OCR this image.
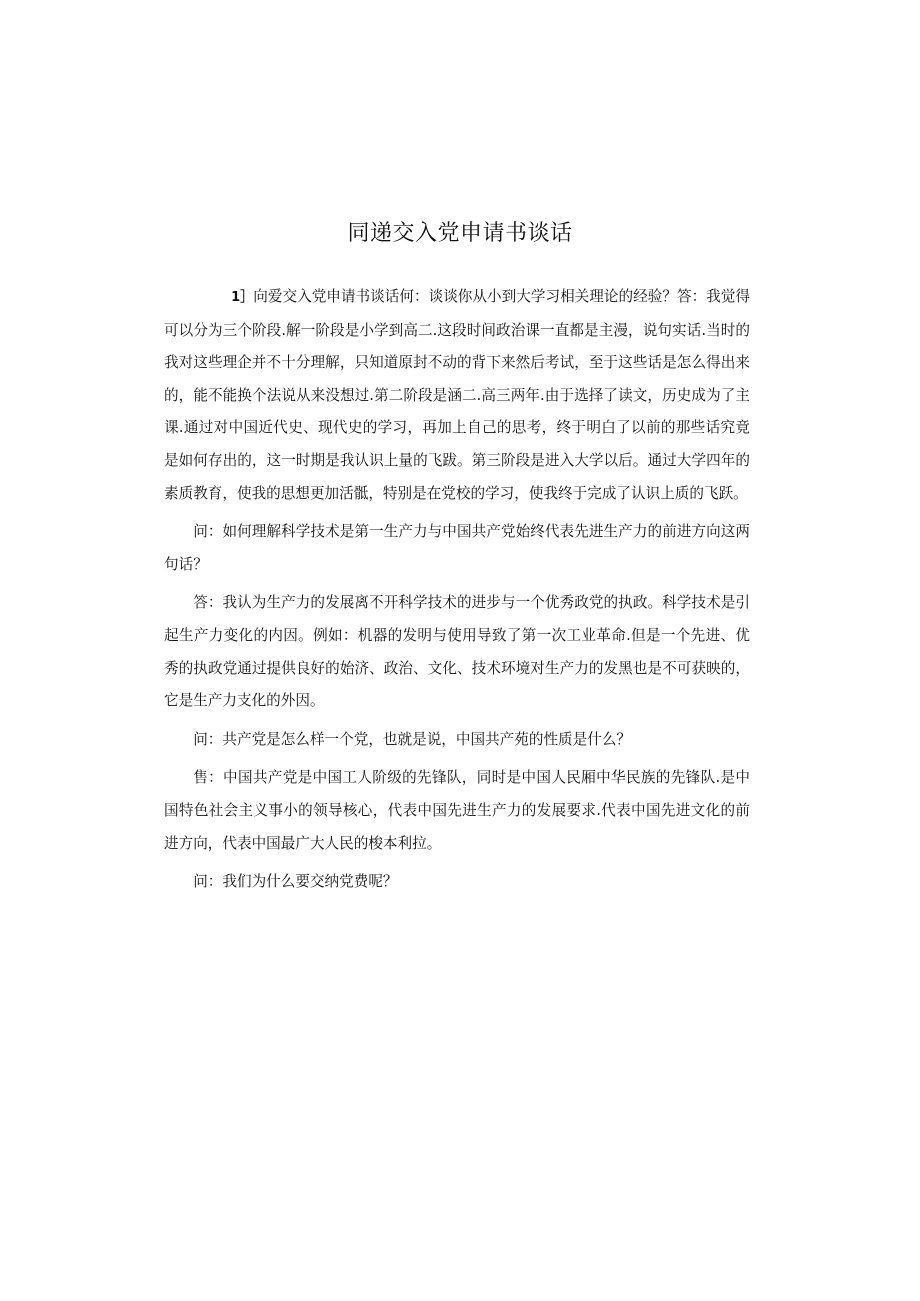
同递交入党申请书谈话

1］向爱交入党申请书谈话何：谈谈你从小到大学习相关理论的经验？答：我觉得可以分为三个阶段.解一阶段是小学到高二.这段时间政治课一直都是主漫，说句实话.当时的我对这些理企并不十分理解，只知道原封不动的背下来然后考试，至于这些话是怎么得出来的，能不能换个法说从来没想过.第二阶段是涵二.高三两年.由于选择了读文，历史成为了主课.通过对中国近代史、现代史的学习，再加上自己的思考，终于明白了以前的那些话究竟是如何存出的，这一时期是我认识上量的飞跋。第三阶段是进入大学以后。通过大学四年的素质教育，使我的思想更加活骶，特别是在党校的学习，使我终于完成了认识上质的飞跃。

问：如何理解科学技术是第一生产力与中国共产党始终代表先进生产力的前进方向这两句话？

答：我认为生产力的发展离不开科学技术的进步与一个优秀政党的执政。科学技术是引起生产力变化的内因。例如：机器的发明与使用导致了第一次工业革命.但是一个先进、优秀的执政党通过提供良好的始济、政治、文化、技术环境对生产力的发黑也是不可获映的，它是生产力支化的外因。

问：共产党是怎么样一个党，也就是说，中国共产苑的性质是什么？

售：中国共产党是中国工人阶级的先锋队，同时是中国人民厢中华民族的先锋队.是中国特色社会主义事小的领导核心，代表中国先进生产力的发展要求.代表中国先进文化的前进方向，代表中国最广大人民的梭本利拉。

问：我们为什么要交纳党费呢？
